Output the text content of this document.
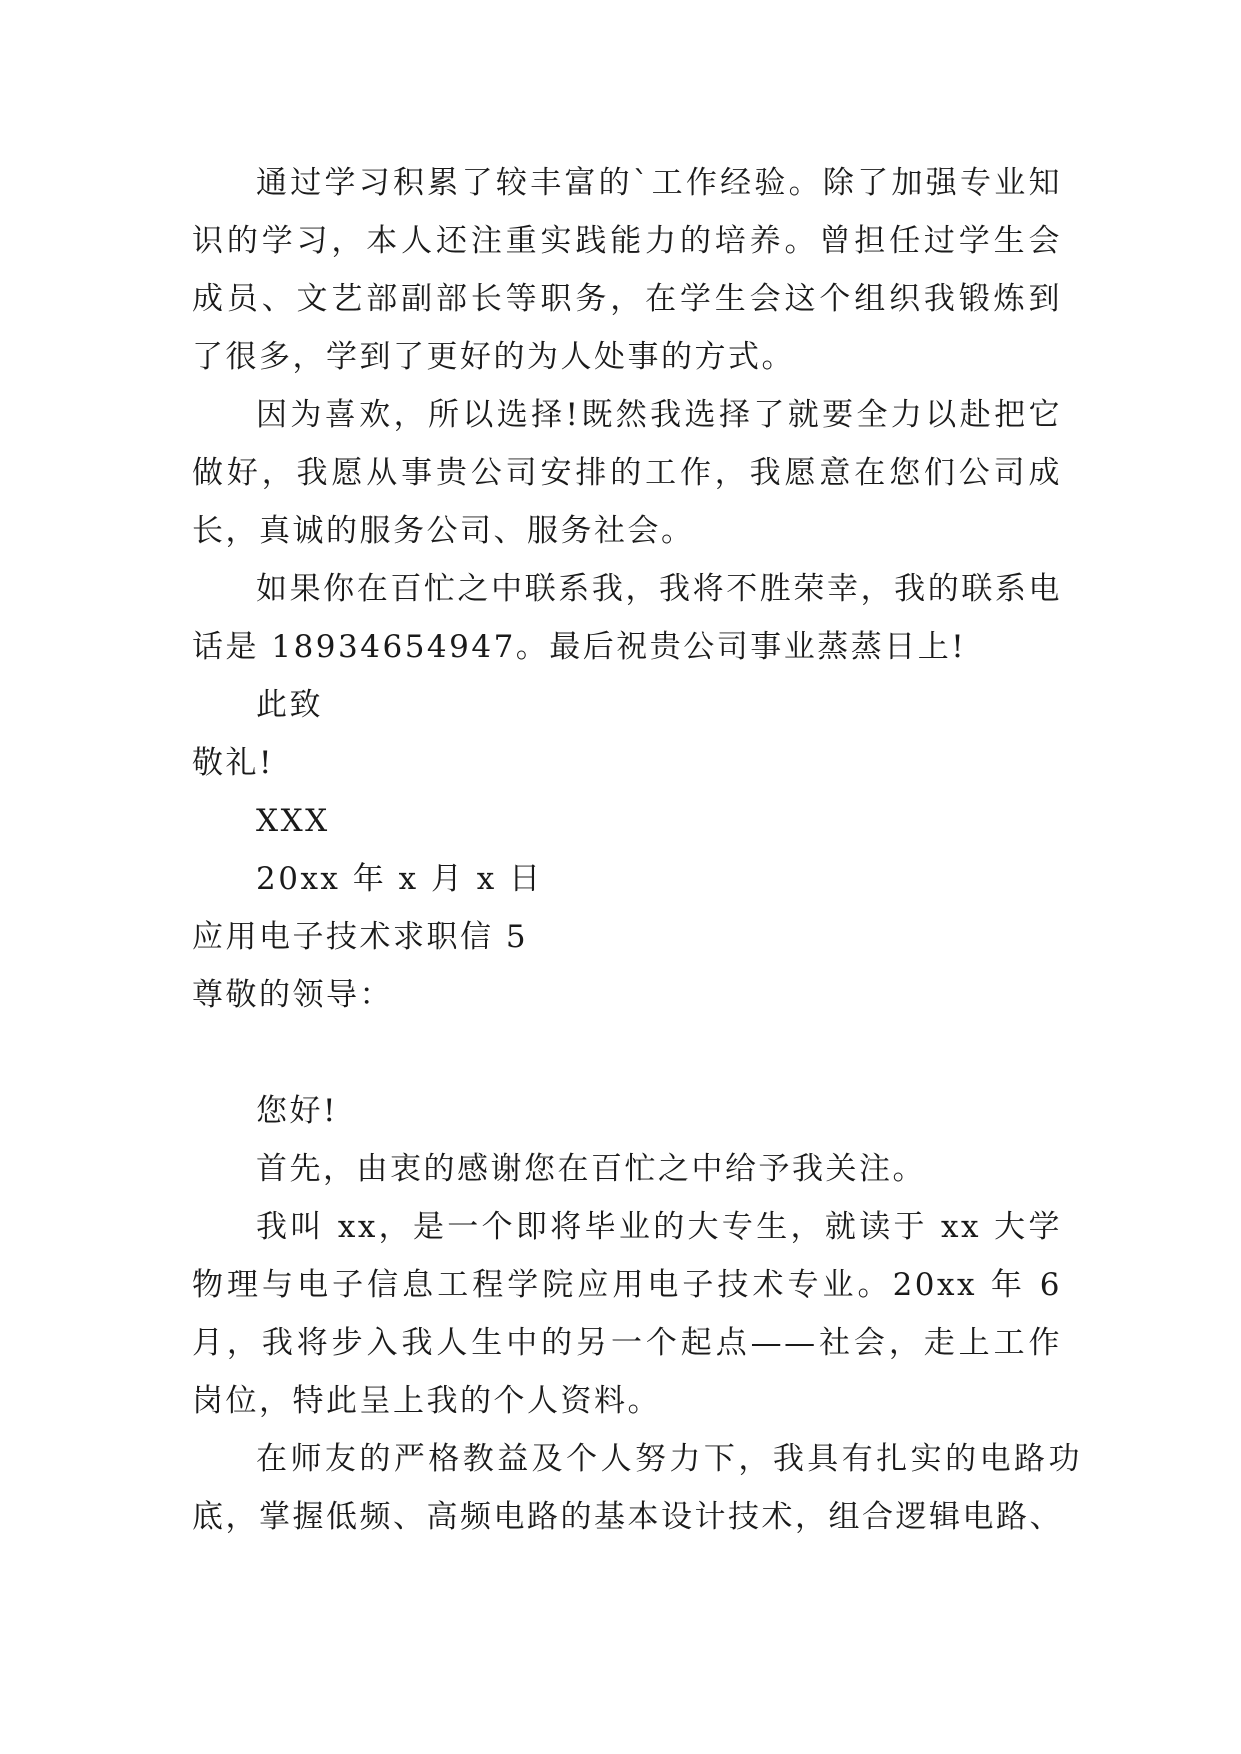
通过学习积累了较丰富的`工作经验。除了加强专业知识的学习，本人还注重实践能力的培养。曾担任过学生会成员、文艺部副部长等职务，在学生会这个组织我锻炼到了很多，学到了更好的为人处事的方式。

因为喜欢，所以选择!既然我选择了就要全力以赴把它做好，我愿从事贵公司安排的工作，我愿意在您们公司成长，真诚的服务公司、服务社会。

如果你在百忙之中联系我，我将不胜荣幸，我的联系电话是 18934654947。最后祝贵公司事业蒸蒸日上!

此致

敬礼!

XXX

20xx 年 x 月 x 日

应用电子技术求职信 5

尊敬的领导：

您好!

首先，由衷的感谢您在百忙之中给予我关注。

我叫 xx，是一个即将毕业的大专生，就读于 xx 大学物理与电子信息工程学院应用电子技术专业。20xx 年 6 月，我将步入我人生中的另一个起点——社会，走上工作岗位，特此呈上我的个人资料。

在师友的严格教益及个人努力下，我具有扎实的电路功底，掌握低频、高频电路的基本设计技术，组合逻辑电路、
